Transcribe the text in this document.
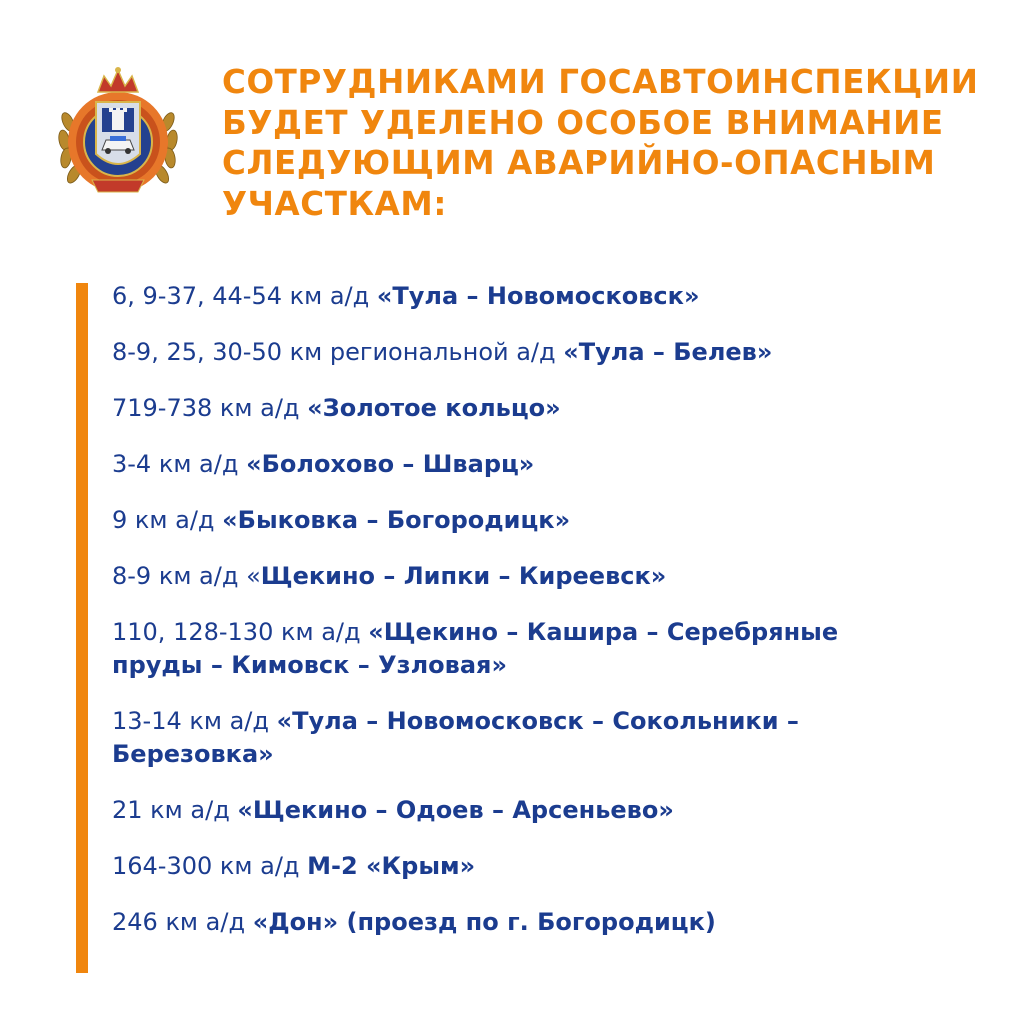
СОТРУДНИКАМИ ГОСАВТОИНСПЕКЦИИ
БУДЕТ УДЕЛЕНО ОСОБОЕ ВНИМАНИЕ
СЛЕДУЮЩИМ АВАРИЙНО-ОПАСНЫМ
УЧАСТКАМ:
6, 9-37, 44-54 км а/д «Тула – Новомосковск»
8-9, 25, 30-50 км региональной а/д «Тула – Белев»
719-738 км а/д «Золотое кольцо»
3-4 км а/д «Болохово – Шварц»
9 км а/д «Быковка – Богородицк»
8-9 км а/д «Щекино – Липки – Киреевск»
110, 128-130 км а/д «Щекино – Кашира – Серебряные
пруды – Кимовск – Узловая»
13-14 км а/д «Тула – Новомосковск – Сокольники –
Березовка»
21 км а/д «Щекино – Одоев – Арсеньево»
164-300 км а/д М-2 «Крым»
246 км а/д «Дон» (проезд по г. Богородицк)
